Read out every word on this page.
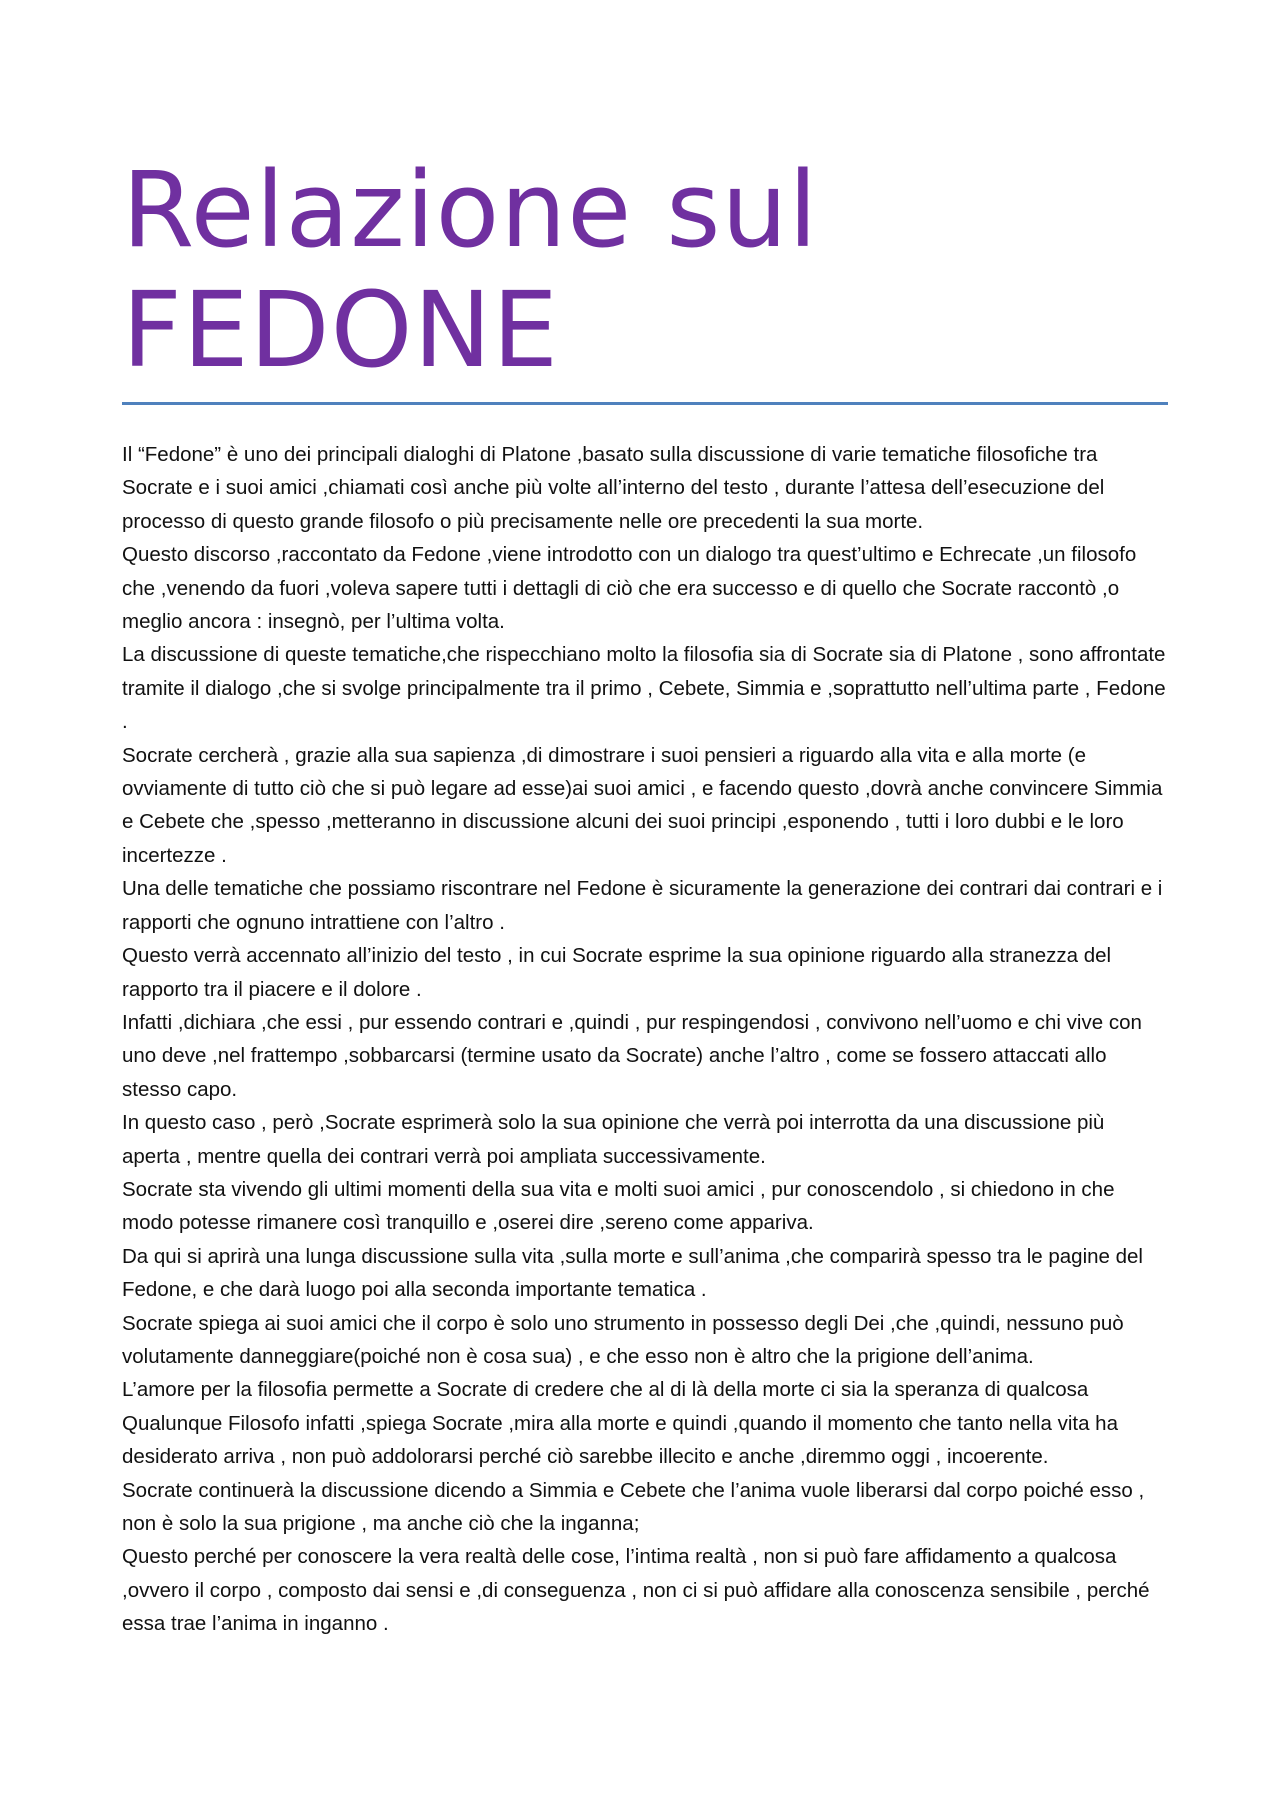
Relazione sul
FEDONE

Il “Fedone” è uno dei principali dialoghi di Platone ,basato sulla discussione di varie tematiche filosofiche tra Socrate e i suoi amici ,chiamati così anche più volte all’interno del testo , durante l’attesa dell’esecuzione del processo di questo grande filosofo o più precisamente nelle ore precedenti la sua morte.

Questo discorso ,raccontato da Fedone ,viene introdotto con un dialogo tra quest’ultimo e Echrecate ,un filosofo che ,venendo da fuori ,voleva sapere tutti i dettagli di ciò che era successo e di quello che Socrate raccontò ,o meglio ancora : insegnò, per l’ultima volta.

La discussione di queste tematiche,che rispecchiano molto la filosofia sia di Socrate sia di Platone , sono affrontate tramite il dialogo ,che si svolge principalmente tra il primo , Cebete, Simmia e ,soprattutto nell’ultima parte , Fedone .

Socrate cercherà , grazie alla sua sapienza ,di dimostrare i suoi pensieri a riguardo alla vita e alla morte (e ovviamente di tutto ciò che si può legare ad esse)ai suoi amici , e facendo questo ,dovrà anche convincere Simmia e Cebete che ,spesso ,metteranno in discussione alcuni dei suoi principi ,esponendo , tutti i loro dubbi e le loro incertezze .

Una delle tematiche che possiamo riscontrare nel Fedone è sicuramente la generazione dei contrari dai contrari e i rapporti che ognuno intrattiene con l’altro .

Questo verrà accennato all’inizio del testo , in cui Socrate esprime la sua opinione riguardo alla stranezza del rapporto tra il piacere e il dolore .

Infatti ,dichiara ,che essi , pur essendo contrari e ,quindi , pur respingendosi , convivono nell’uomo e chi vive con uno deve ,nel frattempo ,sobbarcarsi (termine usato da Socrate) anche l’altro , come se fossero attaccati allo stesso capo.

In questo caso , però ,Socrate esprimerà solo la sua opinione che verrà poi interrotta da una discussione più aperta , mentre quella dei contrari verrà poi ampliata successivamente.

Socrate sta vivendo gli ultimi momenti della sua vita e molti suoi amici , pur conoscendolo , si chiedono in che modo potesse rimanere così tranquillo e ,oserei dire ,sereno come appariva.

Da qui si aprirà una lunga discussione sulla vita ,sulla morte e sull’anima ,che comparirà spesso tra le pagine del Fedone, e che darà luogo poi alla seconda importante tematica .

Socrate spiega ai suoi amici che il corpo è solo uno strumento in possesso degli Dei ,che ,quindi, nessuno può volutamente danneggiare(poiché non è cosa sua) , e che esso non è altro che la prigione dell’anima.

L’amore per la filosofia permette a Socrate di credere che al di là della morte ci sia la speranza di qualcosa

Qualunque Filosofo infatti ,spiega Socrate ,mira alla morte e quindi ,quando il momento che tanto nella vita ha desiderato arriva , non può addolorarsi perché ciò sarebbe illecito e anche ,diremmo oggi , incoerente.

Socrate continuerà la discussione dicendo a Simmia e Cebete che l’anima vuole liberarsi dal corpo poiché esso , non è solo la sua prigione , ma anche ciò che la inganna;

Questo perché per conoscere la vera realtà delle cose, l’intima realtà , non si può fare affidamento a qualcosa ,ovvero il corpo , composto dai sensi e ,di conseguenza , non ci si può affidare alla conoscenza sensibile , perché essa trae l’anima in inganno .
